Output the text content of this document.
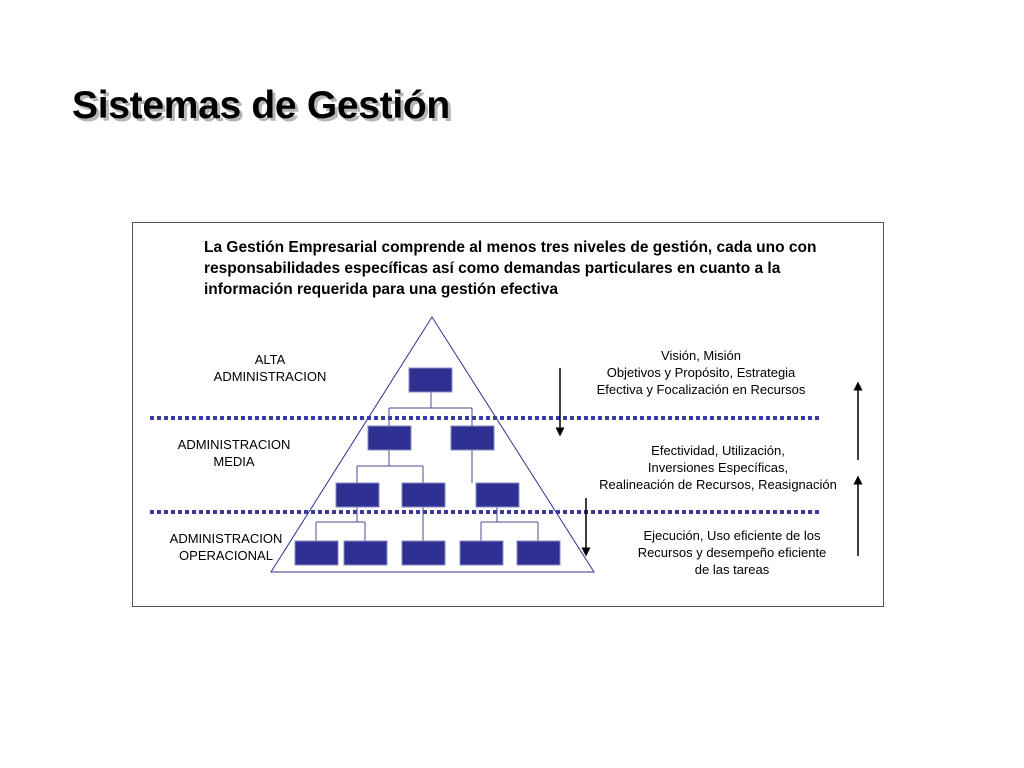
Sistemas de Gestión
La Gestión Empresarial comprende al menos tres niveles de gestión, cada uno con responsabilidades específicas así como demandas particulares en cuanto a la información requerida para una gestión efectiva
ALTA
ADMINISTRACION
ADMINISTRACION
MEDIA
ADMINISTRACION
OPERACIONAL
Visión, Misión
Objetivos y Propósito, Estrategia
Efectiva y Focalización en Recursos
Efectividad, Utilización,
Inversiones Específicas,
Realineación de Recursos, Reasignación
Ejecución, Uso eficiente de los
Recursos y desempeño eficiente
de las tareas
